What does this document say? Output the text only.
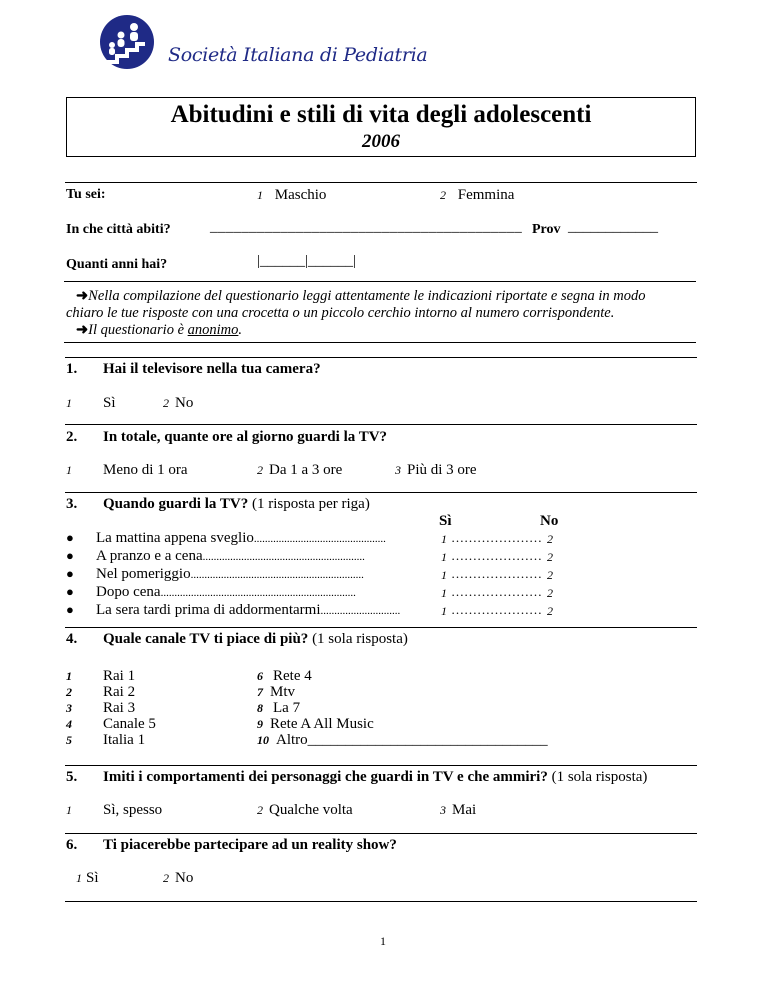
Società Italiana di Pediatria
Abitudini e stili di vita degli adolescenti
2006
Tu sei:	1 Maschio	2 Femmina
In che città abiti?	________________________________________ Prov ____________
Quanti anni hai?	|______|______|
➜Nella compilazione del questionario leggi attentamente le indicazioni riportate e segna in modo
chiaro le tue risposte con una crocetta o un piccolo cerchio intorno al numero corrispondente.
➜Il questionario è anonimo.
1. Hai il televisore nella tua camera?
1 Sì	2 No
2. In totale, quante ore al giorno guardi la TV?
1 Meno di 1 ora	2 Da 1 a 3 ore	3 Più di 3 ore
3. Quando guardi la TV? (1 risposta per riga)
Sì	No
● La mattina appena sveglio................................................	1 ………………… 2
● A pranzo e a cena...........................................................	1 ………………… 2
● Nel pomeriggio...............................................................	1 ………………… 2
● Dopo cena.......................................................................	1 ………………… 2
● La sera tardi prima di addormentarmi.............................	1 ………………… 2
4. Quale canale TV ti piace di più? (1 sola risposta)
1 Rai 1
2 Rai 2
3 Rai 3
4 Canale 5
5 Italia 1
6 Rete 4
7 Mtv
8 La 7
9 Rete A All Music
10 Altro________________________________
5. Imiti i comportamenti dei personaggi che guardi in TV e che ammiri? (1 sola risposta)
1 Sì, spesso	2 Qualche volta	3 Mai
6. Ti piacerebbe partecipare ad un reality show?
1 Sì	2 No
1
